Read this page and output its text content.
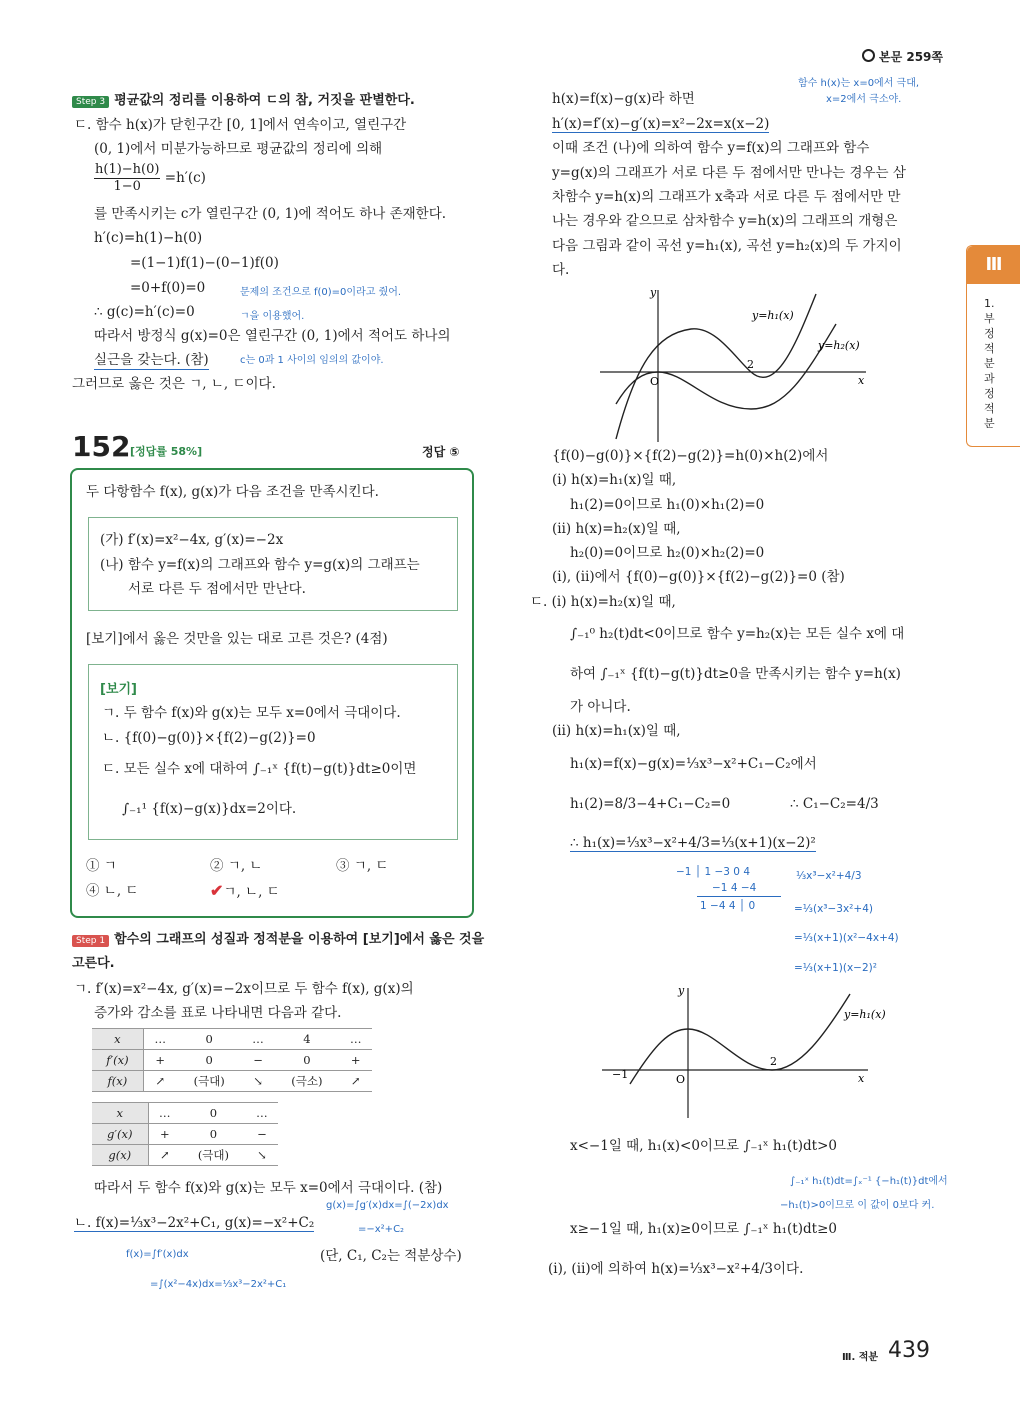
본문 259쪽
Ⅲ
1. 부정적분과 정적분
Step 3 평균값의 정리를 이용하여 ㄷ의 참, 거짓을 판별한다.
ㄷ. 함수 h(x)가 닫힌구간 [0, 1]에서 연속이고, 열린구간
(0, 1)에서 미분가능하므로 평균값의 정리에 의해
$\frac{h(1)-h(0)}{1-0} =h'(c)$
를 만족시키는 c가 열린구간 (0, 1)에 적어도 하나 존재한다.
h′(c)=h(1)−h(0)
=(1−1)f(1)−(0−1)f(0)
=0+f(0)=0	문제의 조건으로 f(0)=0이라고 줬어.
∴ g(c)=h′(c)=0	ㄱ을 이용했어.
따라서 방정식 g(x)=0은 열린구간 (0, 1)에서 적어도 하나의
실근을 갖는다. (참)	c는 0과 1 사이의 임의의 값이야.
그러므로 옳은 것은 ㄱ, ㄴ, ㄷ이다.
152 [정답률 58%]	정답 ⑤
두 다항함수 f(x), g(x)가 다음 조건을 만족시킨다.
(가) f′(x)=x²−4x, g′(x)=−2x
(나) 함수 y=f(x)의 그래프와 함수 y=g(x)의 그래프는
서로 다른 두 점에서만 만난다.
[보기]에서 옳은 것만을 있는 대로 고른 것은? (4점)
[보기]
ㄱ. 두 함수 f(x)와 g(x)는 모두 x=0에서 극대이다.
ㄴ. {f(0)−g(0)}×{f(2)−g(2)}=0
ㄷ. 모든 실수 x에 대하여 ∫₋₁ˣ {f(t)−g(t)}dt≥0이면
∫₋₁¹ {f(x)−g(x)}dx=2이다.
① ㄱ	② ㄱ, ㄴ	③ ㄱ, ㄷ
④ ㄴ, ㄷ	✔ㄱ, ㄴ, ㄷ
Step 1 함수의 그래프의 성질과 정적분을 이용하여 [보기]에서 옳은 것을
고른다.
ㄱ. f′(x)=x²−4x, g′(x)=−2x이므로 두 함수 f(x), g(x)의
증가와 감소를 표로 나타내면 다음과 같다.
x	…	0	…	4	…
f′(x)	+	0	−	0	+
f(x)	↗	(극대)	↘	(극소)	↗
x	…	0	…
g′(x)	+	0	−
g(x)	↗	(극대)	↘
따라서 두 함수 f(x)와 g(x)는 모두 x=0에서 극대이다. (참)
g(x)=∫g′(x)dx=∫(−2x)dx
ㄴ. f(x)=⅓x³−2x²+C₁, g(x)=−x²+C₂	=−x²+C₂
(단, C₁, C₂는 적분상수)
f(x)=∫f′(x)dx
=∫(x²−4x)dx=⅓x³−2x²+C₁
함수 h(x)는 x=0에서 극대,
x=2에서 극소야.
h(x)=f(x)−g(x)라 하면
h′(x)=f′(x)−g′(x)=x²−2x=x(x−2)
이때 조건 (나)에 의하여 함수 y=f(x)의 그래프와 함수
y=g(x)의 그래프가 서로 다른 두 점에서만 만나는 경우는 삼
차함수 y=h(x)의 그래프가 x축과 서로 다른 두 점에서만 만
나는 경우와 같으므로 삼차함수 y=h(x)의 그래프의 개형은
다음 그림과 같이 곡선 y=h₁(x), 곡선 y=h₂(x)의 두 가지이
다.
y
x
O
2
y=h₁(x)
y=h₂(x)
{f(0)−g(0)}×{f(2)−g(2)}=h(0)×h(2)에서
(ⅰ) h(x)=h₁(x)일 때,
h₁(2)=0이므로 h₁(0)×h₁(2)=0
(ⅱ) h(x)=h₂(x)일 때,
h₂(0)=0이므로 h₂(0)×h₂(2)=0
(ⅰ), (ⅱ)에서 {f(0)−g(0)}×{f(2)−g(2)}=0 (참)
ㄷ. (ⅰ) h(x)=h₂(x)일 때,
∫₋₁⁰ h₂(t)dt<0이므로 함수 y=h₂(x)는 모든 실수 x에 대
하여 ∫₋₁ˣ {f(t)−g(t)}dt≥0을 만족시키는 함수 y=h(x)
가 아니다.
(ⅱ) h(x)=h₁(x)일 때,
h₁(x)=f(x)−g(x)=⅓x³−x²+C₁−C₂에서
h₁(2)=8/3−4+C₁−C₂=0	∴ C₁−C₂=4/3
∴ h₁(x)=⅓x³−x²+4/3=⅓(x+1)(x−2)²
−1 │ 1 −3 0 4
−1 4 −4
1 −4 4 │ 0
⅓x³−x²+4/3
=⅓(x³−3x²+4)
=⅓(x+1)(x²−4x+4)
=⅓(x+1)(x−2)²
y
x
O
−1
2
y=h₁(x)
x<−1일 때, h₁(x)<0이므로 ∫₋₁ˣ h₁(t)dt>0
∫₋₁ˣ h₁(t)dt=∫ₓ⁻¹ {−h₁(t)}dt에서
−h₁(t)>0이므로 이 값이 0보다 커.
x≥−1일 때, h₁(x)≥0이므로 ∫₋₁ˣ h₁(t)dt≥0
(ⅰ), (ⅱ)에 의하여 h(x)=⅓x³−x²+4/3이다.
Ⅲ. 적분 439
